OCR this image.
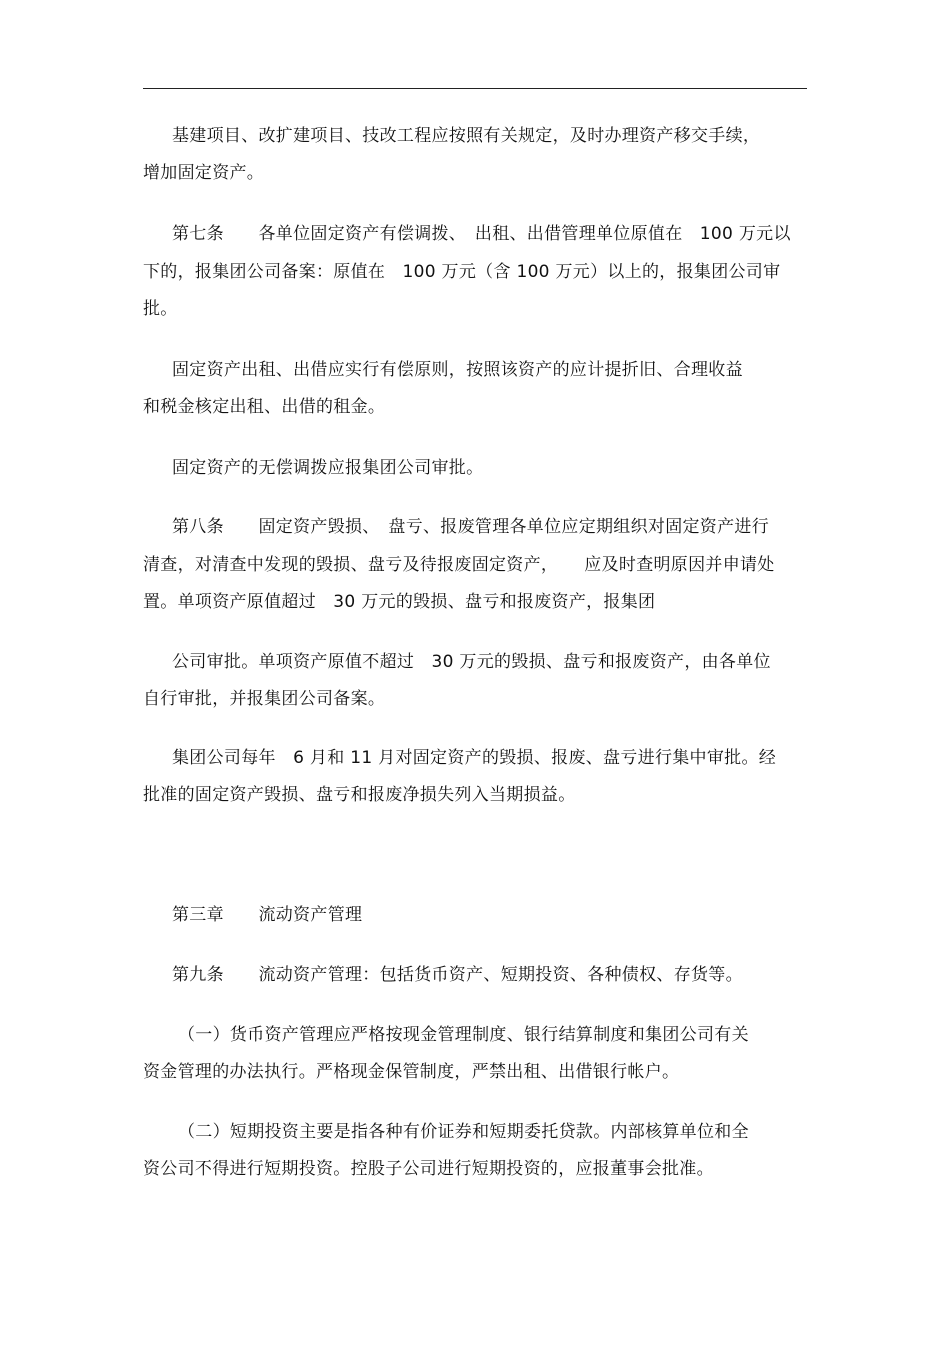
基建项目、改扩建项目、技改工程应按照有关规定，及时办理资产移交手续，
增加固定资产。
第七条　　各单位固定资产有偿调拨、　出租、出借管理单位原值在　100 万元以
下的，报集团公司备案：原值在　100 万元（含 100 万元）以上的，报集团公司审
批。
固定资产出租、出借应实行有偿原则，按照该资产的应计提折旧、合理收益
和税金核定出租、出借的租金。
固定资产的无偿调拨应报集团公司审批。
第八条　　固定资产毁损、　盘亏、报废管理各单位应定期组织对固定资产进行
清查，对清查中发现的毁损、盘亏及待报废固定资产，　　应及时查明原因并申请处
置。单项资产原值超过　30 万元的毁损、盘亏和报废资产，报集团
公司审批。单项资产原值不超过　30 万元的毁损、盘亏和报废资产，由各单位
自行审批，并报集团公司备案。
集团公司每年　6 月和 11 月对固定资产的毁损、报废、盘亏进行集中审批。经
批准的固定资产毁损、盘亏和报废净损失列入当期损益。
第三章　　流动资产管理
第九条　　流动资产管理：包括货币资产、短期投资、各种债权、存货等。
（一）货币资产管理应严格按现金管理制度、银行结算制度和集团公司有关
资金管理的办法执行。严格现金保管制度，严禁出租、出借银行帐户。
（二）短期投资主要是指各种有价证券和短期委托贷款。内部核算单位和全
资公司不得进行短期投资。控股子公司进行短期投资的，应报董事会批准。
